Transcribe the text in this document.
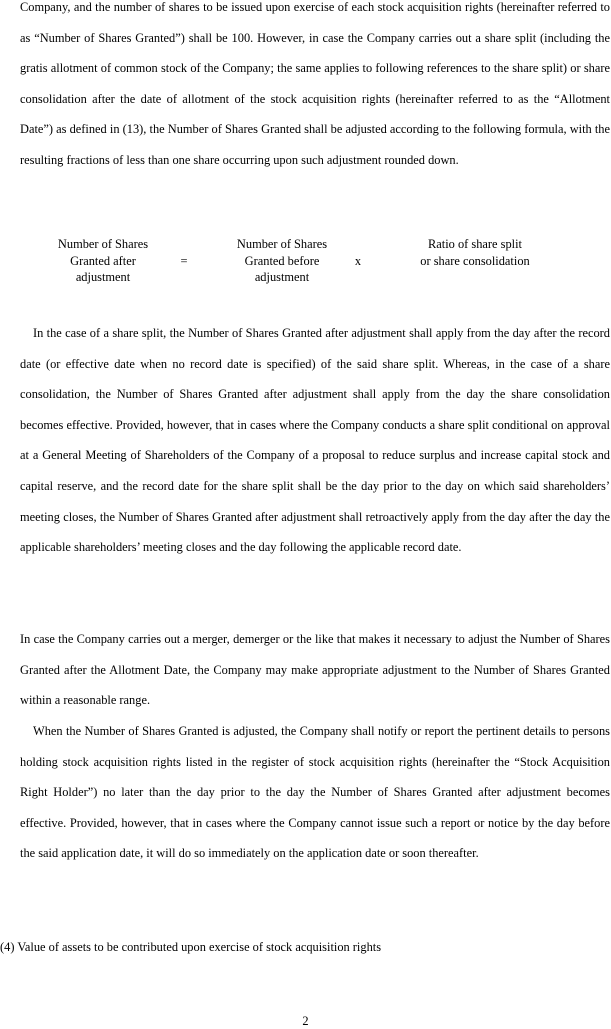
Company, and the number of shares to be issued upon exercise of each stock acquisition rights (hereinafter referred to as “Number of Shares Granted”) shall be 100. However, in case the Company carries out a share split (including the gratis allotment of common stock of the Company; the same applies to following references to the share split) or share consolidation after the date of allotment of the stock acquisition rights (hereinafter referred to as the “Allotment Date”) as defined in (13), the Number of Shares Granted shall be adjusted according to the following formula, with the resulting fractions of less than one share occurring upon such adjustment rounded down.

Number of Shares
Granted after
adjustment
=
Number of Shares
Granted before
adjustment
x
Ratio of share split
or share consolidation

In the case of a share split, the Number of Shares Granted after adjustment shall apply from the day after the record date (or effective date when no record date is specified) of the said share split. Whereas, in the case of a share consolidation, the Number of Shares Granted after adjustment shall apply from the day the share consolidation becomes effective. Provided, however, that in cases where the Company conducts a share split conditional on approval at a General Meeting of Shareholders of the Company of a proposal to reduce surplus and increase capital stock and capital reserve, and the record date for the share split shall be the day prior to the day on which said shareholders’ meeting closes, the Number of Shares Granted after adjustment shall retroactively apply from the day after the day the applicable shareholders’ meeting closes and the day following the applicable record date.

In case the Company carries out a merger, demerger or the like that makes it necessary to adjust the Number of Shares Granted after the Allotment Date, the Company may make appropriate adjustment to the Number of Shares Granted within a reasonable range.

When the Number of Shares Granted is adjusted, the Company shall notify or report the pertinent details to persons holding stock acquisition rights listed in the register of stock acquisition rights (hereinafter the “Stock Acquisition Right Holder”) no later than the day prior to the day the Number of Shares Granted after adjustment becomes effective. Provided, however, that in cases where the Company cannot issue such a report or notice by the day before the said application date, it will do so immediately on the application date or soon thereafter.

(4) Value of assets to be contributed upon exercise of stock acquisition rights

2
